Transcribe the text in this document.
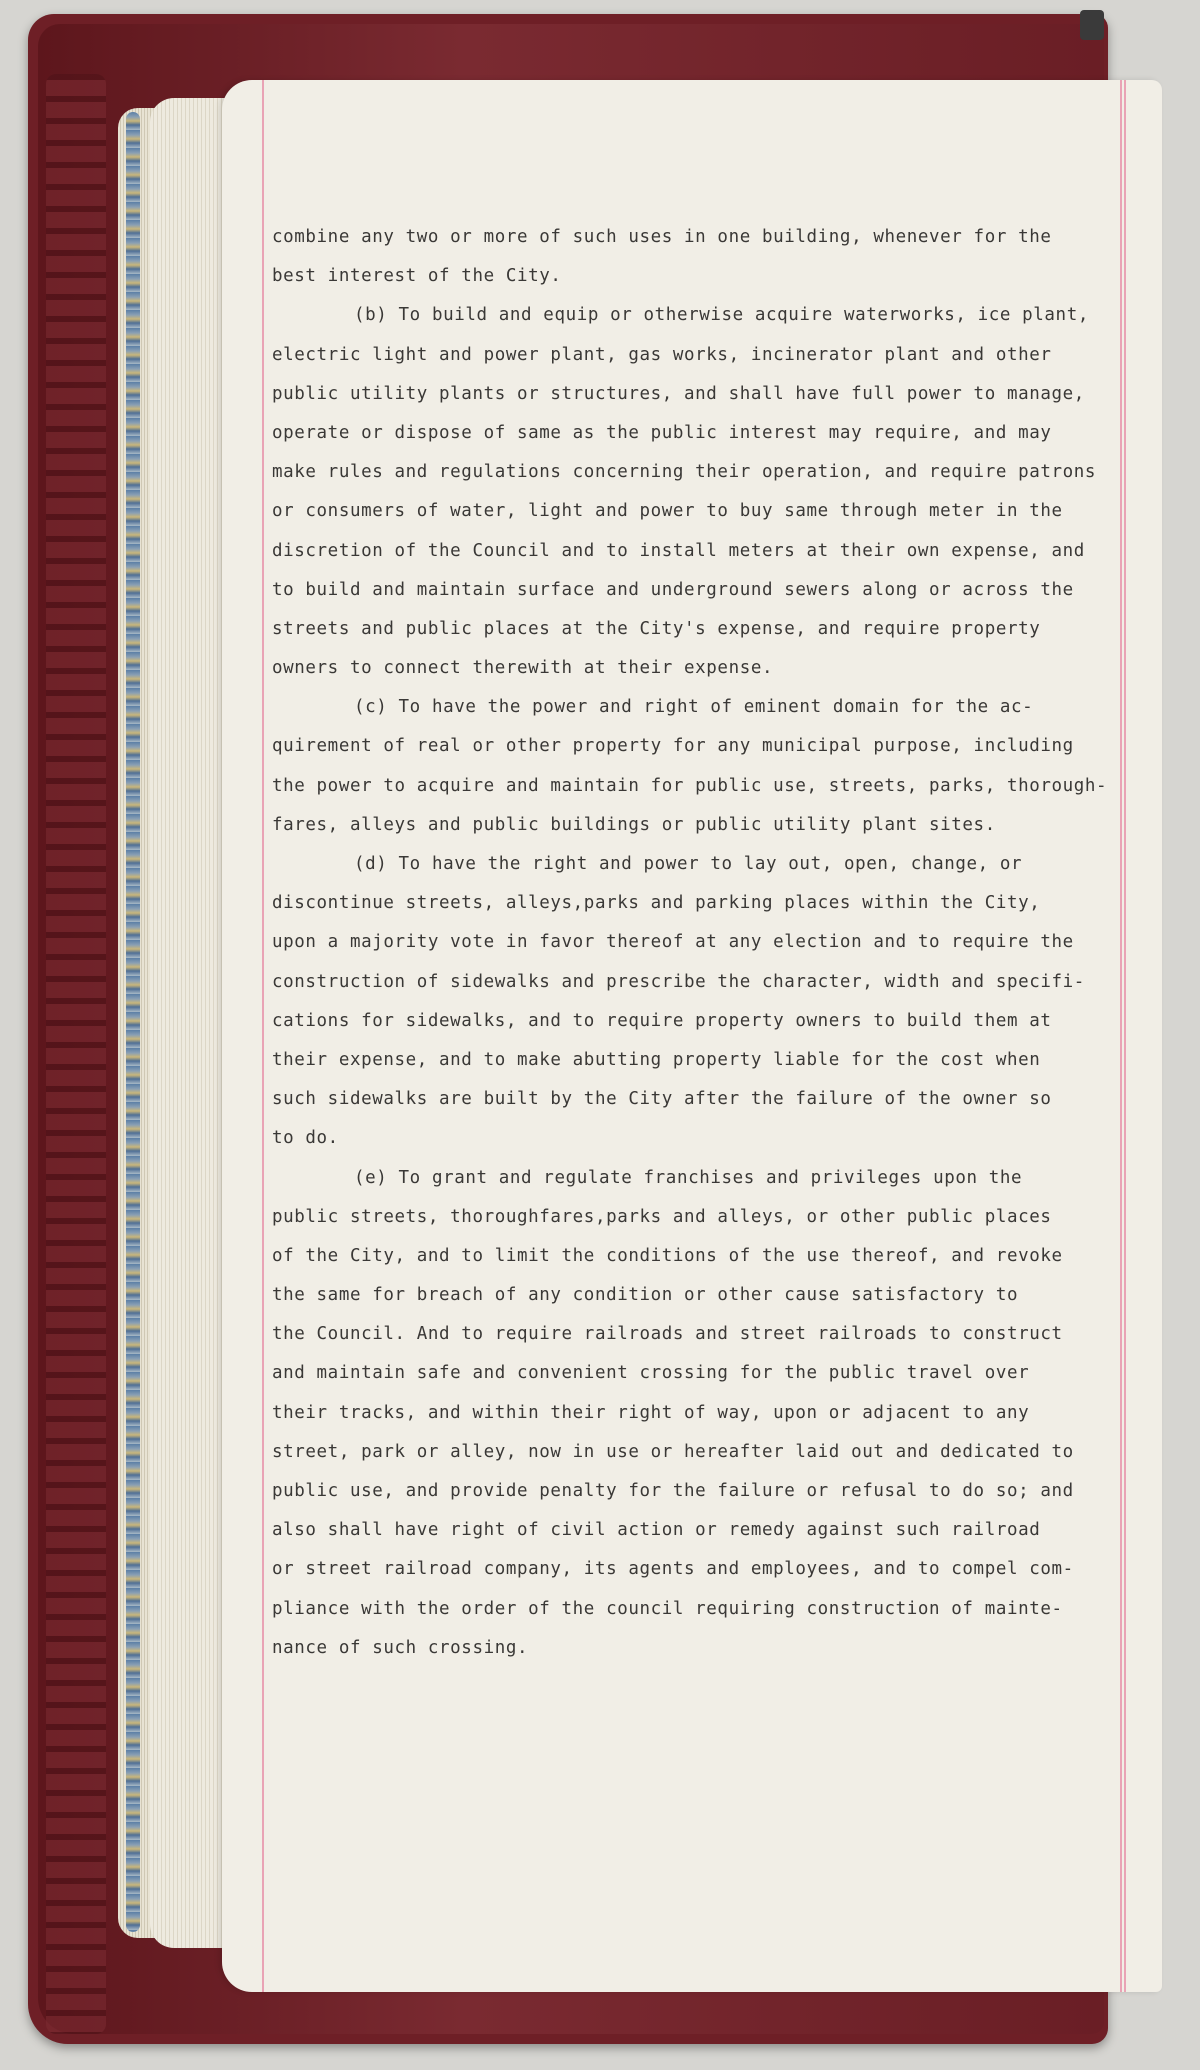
combine any two or more of such uses in one building, whenever for the
best interest of the City.
(b) To build and equip or otherwise acquire waterworks, ice plant,
electric light and power plant, gas works, incinerator plant and other
public utility plants or structures, and shall have full power to manage,
operate or dispose of same as the public interest may require, and may
make rules and regulations concerning their operation, and require patrons
or consumers of water, light and power to buy same through meter in the
discretion of the Council and to install meters at their own expense, and
to build and maintain surface and underground sewers along or across the
streets and public places at the City's expense, and require property
owners to connect therewith at their expense.
(c) To have the power and right of eminent domain for the ac-
quirement of real or other property for any municipal purpose, including
the power to acquire and maintain for public use, streets, parks, thorough-
fares, alleys and public buildings or public utility plant sites.
(d) To have the right and power to lay out, open, change, or
discontinue streets, alleys,parks and parking places within the City,
upon a majority vote in favor thereof at any election and to require the
construction of sidewalks and prescribe the character, width and specifi-
cations for sidewalks, and to require property owners to build them at
their expense, and to make abutting property liable for the cost when
such sidewalks are built by the City after the failure of the owner so
to do.
(e) To grant and regulate franchises and privileges upon the
public streets, thoroughfares,parks and alleys, or other public places
of the City, and to limit the conditions of the use thereof, and revoke
the same for breach of any condition or other cause satisfactory to
the Council. And to require railroads and street railroads to construct
and maintain safe and convenient crossing for the public travel over
their tracks, and within their right of way, upon or adjacent to any
street, park or alley, now in use or hereafter laid out and dedicated to
public use, and provide penalty for the failure or refusal to do so; and
also shall have right of civil action or remedy against such railroad
or street railroad company, its agents and employees, and to compel com-
pliance with the order of the council requiring construction of mainte-
nance of such crossing.
